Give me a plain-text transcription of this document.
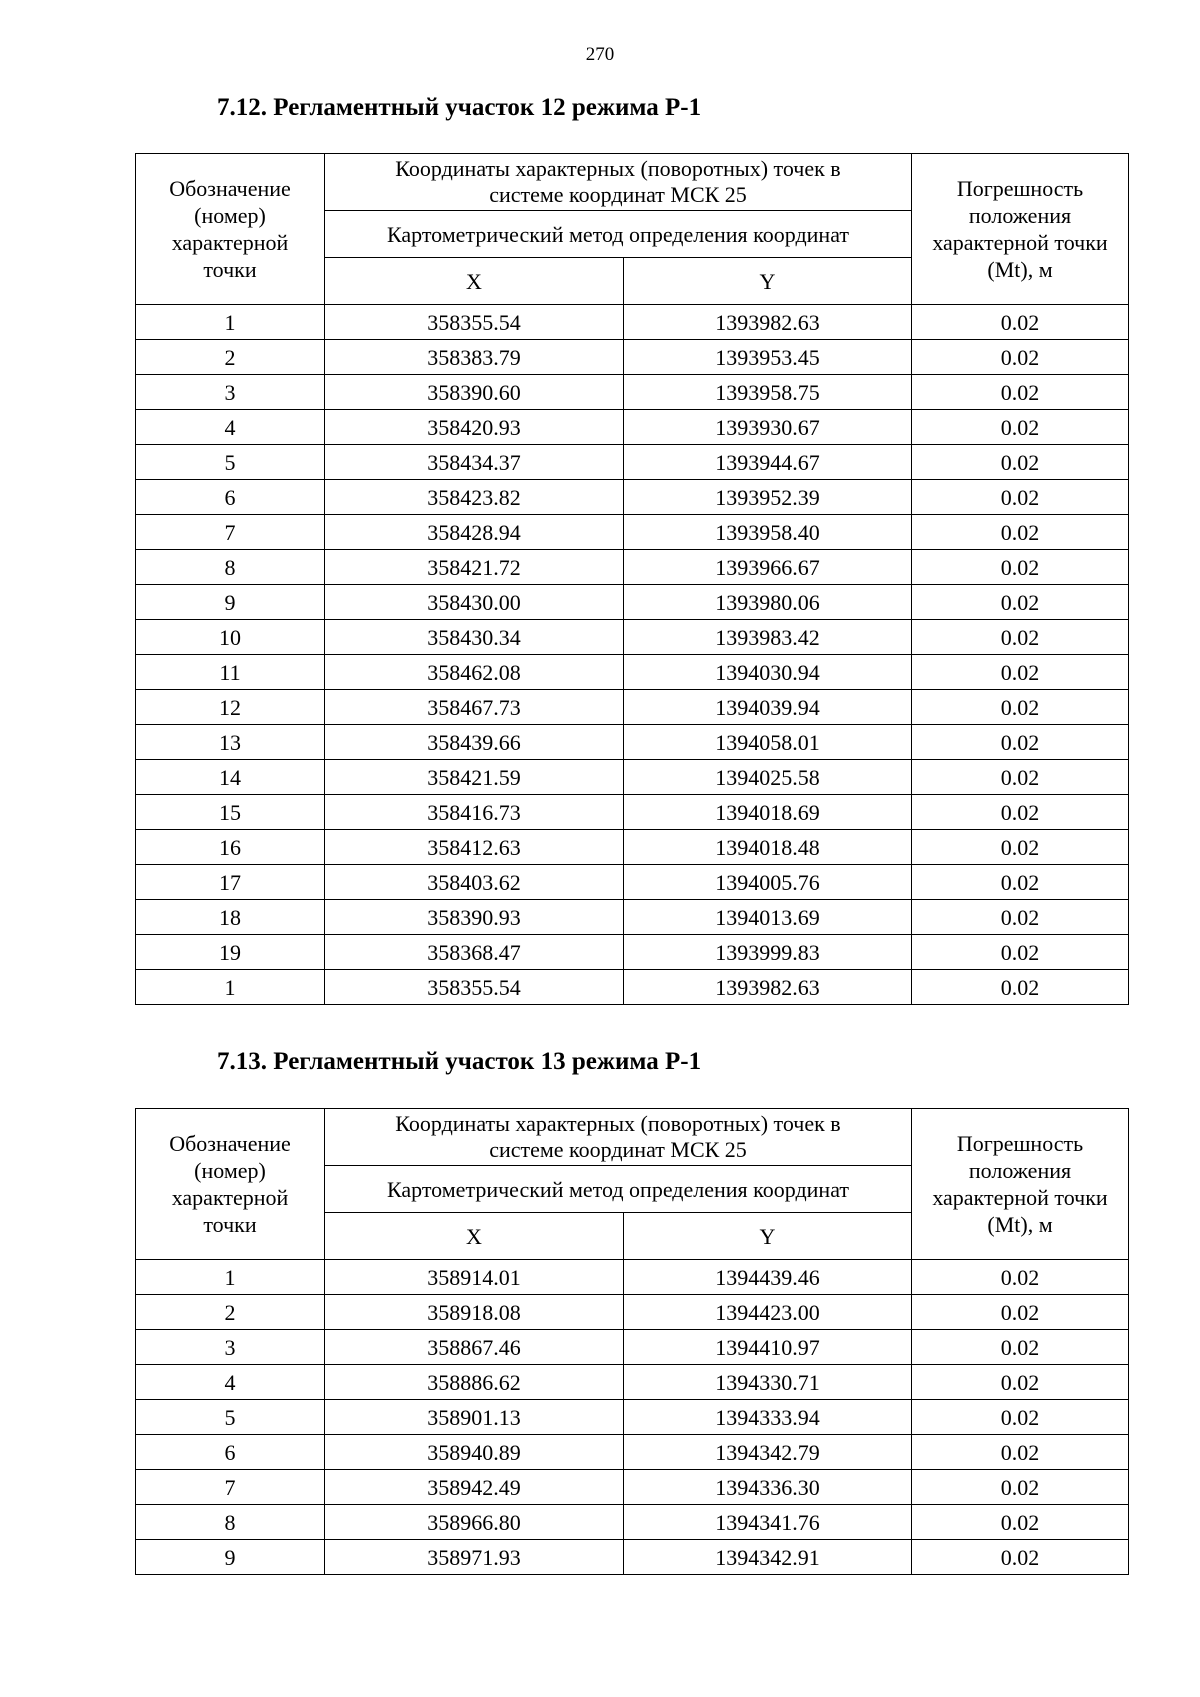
270
7.12. Регламентный участок 12 режима Р-1
Обозначение
(номер)
характерной
точки	Координаты характерных (поворотных) точек в
системе координат МСК 25		Погрешность
положения
характерной точки
(Mt), м
	Картометрический метод определения координат		
	X	Y	
1	358355.54	1393982.63	0.02
2	358383.79	1393953.45	0.02
3	358390.60	1393958.75	0.02
4	358420.93	1393930.67	0.02
5	358434.37	1393944.67	0.02
6	358423.82	1393952.39	0.02
7	358428.94	1393958.40	0.02
8	358421.72	1393966.67	0.02
9	358430.00	1393980.06	0.02
10	358430.34	1393983.42	0.02
11	358462.08	1394030.94	0.02
12	358467.73	1394039.94	0.02
13	358439.66	1394058.01	0.02
14	358421.59	1394025.58	0.02
15	358416.73	1394018.69	0.02
16	358412.63	1394018.48	0.02
17	358403.62	1394005.76	0.02
18	358390.93	1394013.69	0.02
19	358368.47	1393999.83	0.02
1	358355.54	1393982.63	0.02
7.13. Регламентный участок 13 режима Р-1
Обозначение
(номер)
характерной
точки	Координаты характерных (поворотных) точек в
системе координат МСК 25		Погрешность
положения
характерной точки
(Mt), м
	Картометрический метод определения координат		
	X	Y	
1	358914.01	1394439.46	0.02
2	358918.08	1394423.00	0.02
3	358867.46	1394410.97	0.02
4	358886.62	1394330.71	0.02
5	358901.13	1394333.94	0.02
6	358940.89	1394342.79	0.02
7	358942.49	1394336.30	0.02
8	358966.80	1394341.76	0.02
9	358971.93	1394342.91	0.02
